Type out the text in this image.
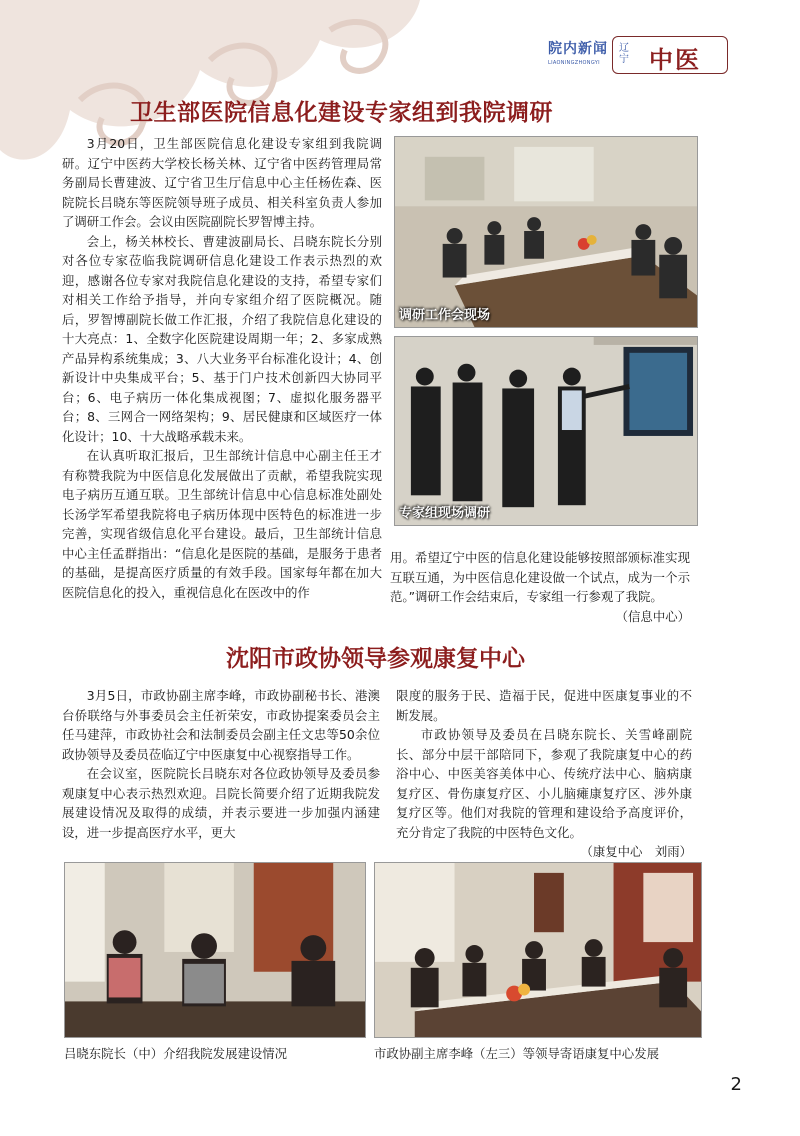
院内新闻
LIAONINGZHONGYI
辽宁 中医
卫生部医院信息化建设专家组到我院调研

3月20日，卫生部医院信息化建设专家组到我院调研。辽宁中医药大学校长杨关林、辽宁省中医药管理局常务副局长曹建波、辽宁省卫生厅信息中心主任杨佐森、医院院长吕晓东等医院领导班子成员、相关科室负责人参加了调研工作会。会议由医院副院长罗智博主持。

会上，杨关林校长、曹建波副局长、吕晓东院长分别对各位专家莅临我院调研信息化建设工作表示热烈的欢迎，感谢各位专家对我院信息化建设的支持，希望专家们对相关工作给予指导，并向专家组介绍了医院概况。随后，罗智博副院长做工作汇报，介绍了我院信息化建设的十大亮点：1、全数字化医院建设周期一年；2、多家成熟产品异构系统集成；3、八大业务平台标准化设计；4、创新设计中央集成平台；5、基于门户技术创新四大协同平台；6、电子病历一体化集成视图；7、虚拟化服务器平台；8、三网合一网络架构；9、居民健康和区域医疗一体化设计；10、十大战略承载未来。

在认真听取汇报后，卫生部统计信息中心副主任王才有称赞我院为中医信息化发展做出了贡献，希望我院实现电子病历互通互联。卫生部统计信息中心信息标准处副处长汤学军希望我院将电子病历体现中医特色的标准进一步完善，实现省级信息化平台建设。最后，卫生部统计信息中心主任孟群指出：“信息化是医院的基础，是服务于患者的基础，是提高医疗质量的有效手段。国家每年都在加大医院信息化的投入，重视信息化在医改中的作

用。希望辽宁中医的信息化建设能够按照部颁标准实现互联互通，为中医信息化建设做一个试点，成为一个示范。”调研工作会结束后，专家组一行参观了我院。
（信息中心）
调研工作会现场
专家组现场调研
沈阳市政协领导参观康复中心

3月5日，市政协副主席李峰，市政协副秘书长、港澳台侨联络与外事委员会主任祈荣安，市政协提案委员会主任马建萍，市政协社会和法制委员会副主任文忠等50余位政协领导及委员莅临辽宁中医康复中心视察指导工作。

在会议室，医院院长吕晓东对各位政协领导及委员参观康复中心表示热烈欢迎。吕院长简要介绍了近期我院发展建设情况及取得的成绩，并表示要进一步加强内涵建设，进一步提高医疗水平，更大

限度的服务于民、造福于民，促进中医康复事业的不断发展。

市政协领导及委员在吕晓东院长、关雪峰副院长、部分中层干部陪同下，参观了我院康复中心的药浴中心、中医美容美体中心、传统疗法中心、脑病康复疗区、骨伤康复疗区、小儿脑瘫康复疗区、涉外康复疗区等。他们对我院的管理和建设给予高度评价，充分肯定了我院的中医特色文化。

（康复中心　刘雨）
吕晓东院长（中）介绍我院发展建设情况	市政协副主席李峰（左三）等领导寄语康复中心发展
2
